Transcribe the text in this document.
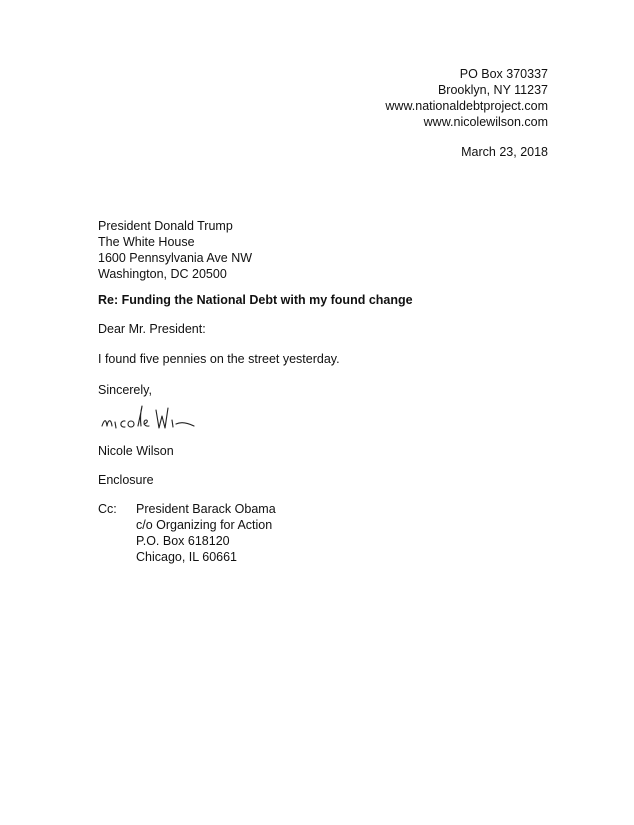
PO Box 370337
Brooklyn, NY 11237
www.nationaldebtproject.com
www.nicolewilson.com
March 23, 2018
President Donald Trump
The White House
1600 Pennsylvania Ave NW
Washington, DC 20500
Re: Funding the National Debt with my found change
Dear Mr. President:
I found five pennies on the street yesterday.
Sincerely,
Nicole Wilson
Enclosure
Cc: President Barack Obama
c/o Organizing for Action
P.O. Box 618120
Chicago, IL 60661
